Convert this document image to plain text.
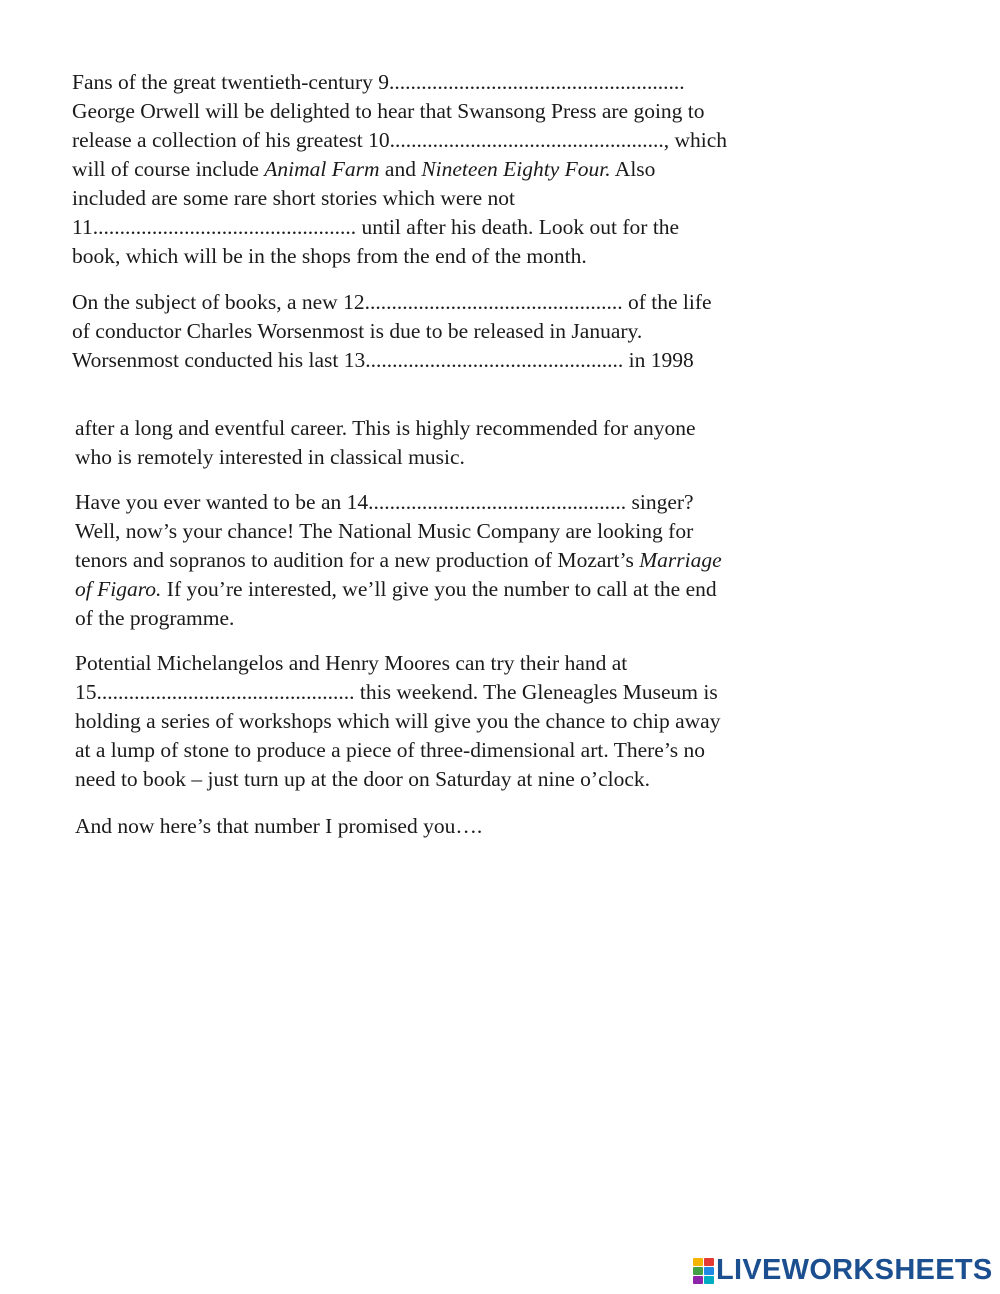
Fans of the great twentieth-century 9.......................................................
George Orwell will be delighted to hear that Swansong Press are going to
release a collection of his greatest 10..................................................., which
will of course include Animal Farm and Nineteen Eighty Four. Also
included are some rare short stories which were not
11................................................. until after his death. Look out for the
book, which will be in the shops from the end of the month.
On the subject of books, a new 12................................................ of the life
of conductor Charles Worsenmost is due to be released in January.
Worsenmost conducted his last 13................................................ in 1998
after a long and eventful career. This is highly recommended for anyone
who is remotely interested in classical music.
Have you ever wanted to be an 14................................................ singer?
Well, now’s your chance! The National Music Company are looking for
tenors and sopranos to audition for a new production of Mozart’s Marriage
of Figaro. If you’re interested, we’ll give you the number to call at the end
of the programme.
Potential Michelangelos and Henry Moores can try their hand at
15................................................ this weekend. The Gleneagles Museum is
holding a series of workshops which will give you the chance to chip away
at a lump of stone to produce a piece of three-dimensional art. There’s no
need to book – just turn up at the door on Saturday at nine o’clock.
And now here’s that number I promised you….
LIVEWORKSHEETS
